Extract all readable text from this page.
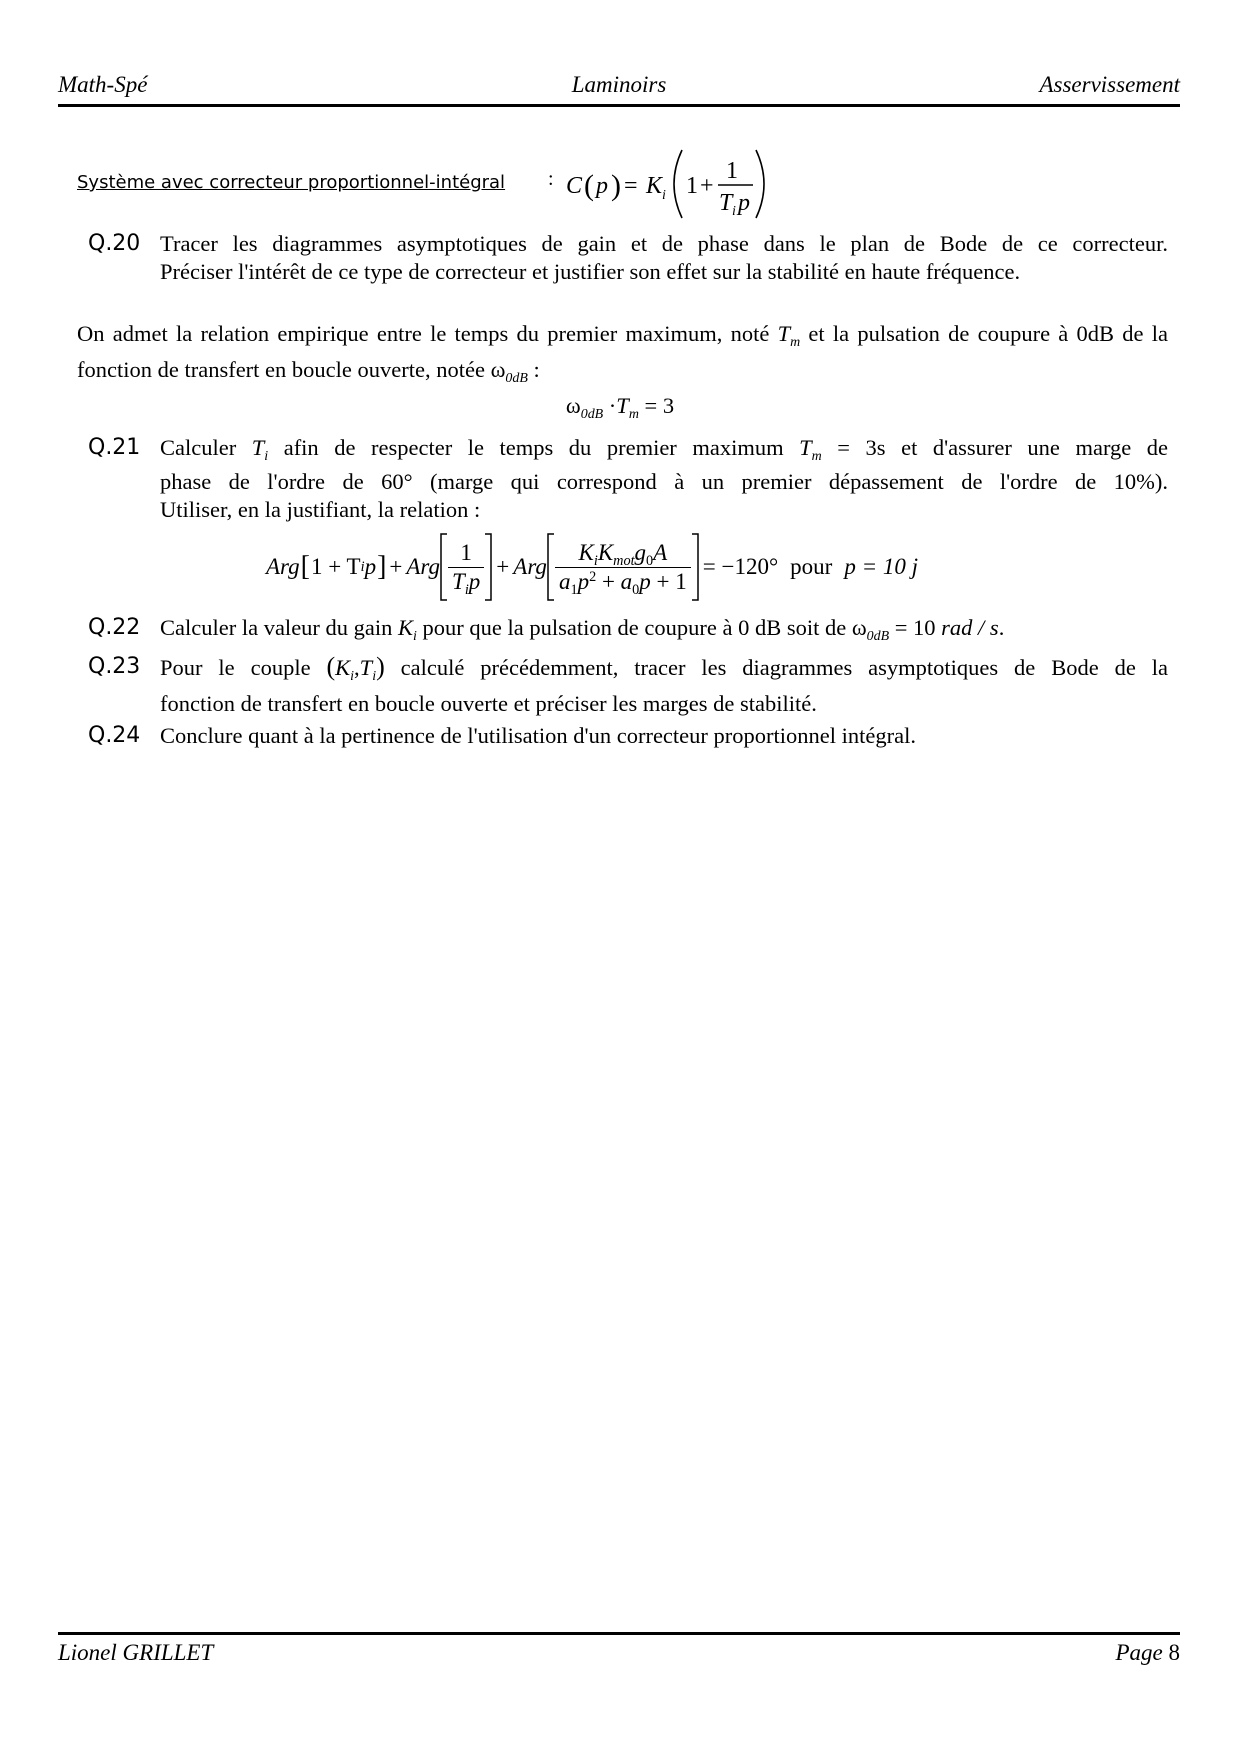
Math-Spé	Laminoirs	Asservissement
Système avec correcteur proportionnel-intégral : C ( p ) = K i 1 +
1
T i p
Q.20 Tracer les diagrammes asymptotiques de gain et de phase dans le plan de Bode de ce correcteur.

Préciser l'intérêt de ce type de correcteur et justifier son effet sur la stabilité en haute fréquence.

On admet la relation empirique entre le temps du premier maximum, noté $T_m$ et la pulsation de coupure à 0dB de la fonction de transfert en boucle ouverte, notée $\omega_{0dB}$ :
$\omega_{0dB} \cdot T_m = 3$
Q.21 Calculer $T_i$ afin de respecter le temps du premier maximum $T_m = 3s$ et d'assurer une marge de

phase de l'ordre de 60° (marge qui correspond à un premier dépassement de l'ordre de 10%).

Utiliser, en la justifiant, la relation :

Arg [ 1 + T i p ] + Arg $\frac{1}{T_ip}$ + Arg $\frac{K_iK_{mot}g_0A}{a_1p^2 + a_0p + 1} = -120^\circ$ pour p = 10 j
Q.22 Calculer la valeur du gain $K_i$ pour que la pulsation de coupure à 0 dB soit de $\omega_{0dB} = 10$ rad / s.

Q.23 Pour le couple $(K_i,T_i)$ calculé précédemment, tracer les diagrammes asymptotiques de Bode de la

fonction de transfert en boucle ouverte et préciser les marges de stabilité.

Q.24 Conclure quant à la pertinence de l'utilisation d'un correcteur proportionnel intégral.

Lionel GRILLET	Page 8
